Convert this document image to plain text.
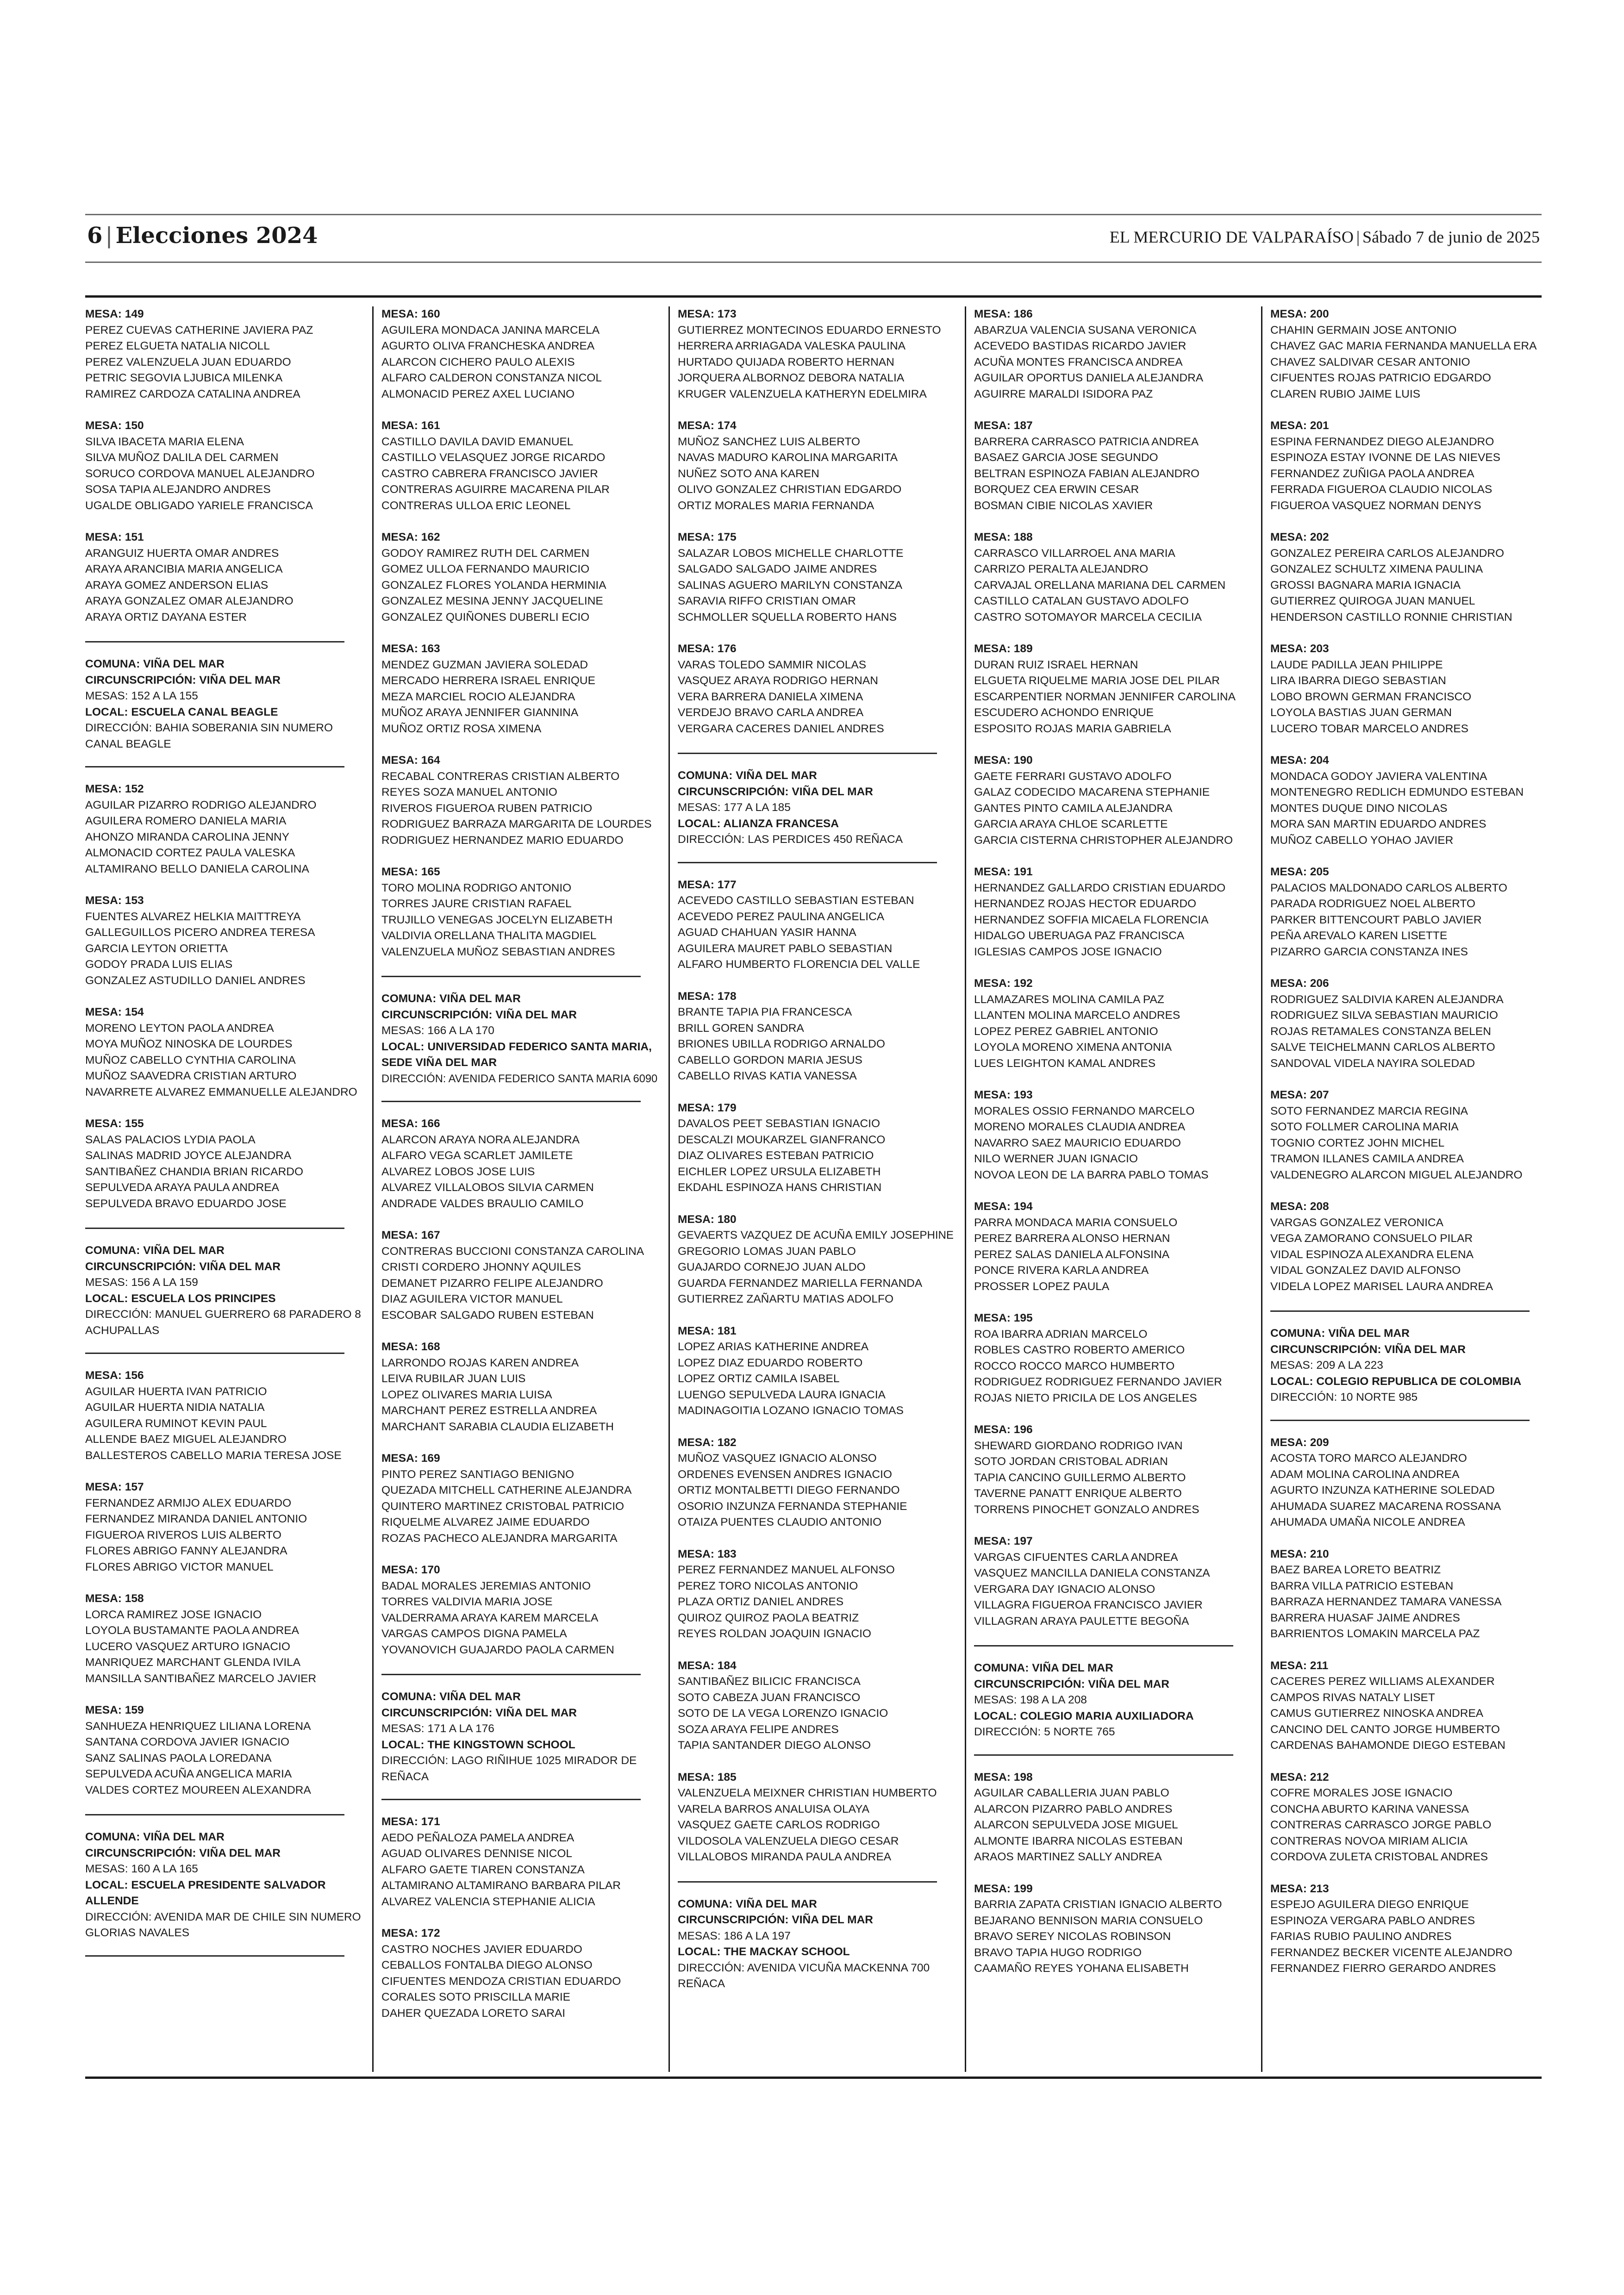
6 | Elecciones 2024	EL MERCURIO DE VALPARAÍSO | Sábado 7 de junio de 2025
MESA: 149
PEREZ CUEVAS CATHERINE JAVIERA PAZ
PEREZ ELGUETA NATALIA NICOLL
PEREZ VALENZUELA JUAN EDUARDO
PETRIC SEGOVIA LJUBICA MILENKA
RAMIREZ CARDOZA CATALINA ANDREA
MESA: 150
SILVA IBACETA MARIA ELENA
SILVA MUÑOZ DALILA DEL CARMEN
SORUCO CORDOVA MANUEL ALEJANDRO
SOSA TAPIA ALEJANDRO ANDRES
UGALDE OBLIGADO YARIELE FRANCISCA
MESA: 151
ARANGUIZ HUERTA OMAR ANDRES
ARAYA ARANCIBIA MARIA ANGELICA
ARAYA GOMEZ ANDERSON ELIAS
ARAYA GONZALEZ OMAR ALEJANDRO
ARAYA ORTIZ DAYANA ESTER
COMUNA: VIÑA DEL MAR
CIRCUNSCRIPCIÓN: VIÑA DEL MAR
MESAS: 152 A LA 155
LOCAL: ESCUELA CANAL BEAGLE
DIRECCIÓN: BAHIA SOBERANIA SIN NUMERO
CANAL BEAGLE
MESA: 152
AGUILAR PIZARRO RODRIGO ALEJANDRO
AGUILERA ROMERO DANIELA MARIA
AHONZO MIRANDA CAROLINA JENNY
ALMONACID CORTEZ PAULA VALESKA
ALTAMIRANO BELLO DANIELA CAROLINA
MESA: 153
FUENTES ALVAREZ HELKIA MAITTREYA
GALLEGUILLOS PICERO ANDREA TERESA
GARCIA LEYTON ORIETTA
GODOY PRADA LUIS ELIAS
GONZALEZ ASTUDILLO DANIEL ANDRES
MESA: 154
MORENO LEYTON PAOLA ANDREA
MOYA MUÑOZ NINOSKA DE LOURDES
MUÑOZ CABELLO CYNTHIA CAROLINA
MUÑOZ SAAVEDRA CRISTIAN ARTURO
NAVARRETE ALVAREZ EMMANUELLE ALEJANDRO
MESA: 155
SALAS PALACIOS LYDIA PAOLA
SALINAS MADRID JOYCE ALEJANDRA
SANTIBAÑEZ CHANDIA BRIAN RICARDO
SEPULVEDA ARAYA PAULA ANDREA
SEPULVEDA BRAVO EDUARDO JOSE
COMUNA: VIÑA DEL MAR
CIRCUNSCRIPCIÓN: VIÑA DEL MAR
MESAS: 156 A LA 159
LOCAL: ESCUELA LOS PRINCIPES
DIRECCIÓN: MANUEL GUERRERO 68 PARADERO 8
ACHUPALLAS
MESA: 156
AGUILAR HUERTA IVAN PATRICIO
AGUILAR HUERTA NIDIA NATALIA
AGUILERA RUMINOT KEVIN PAUL
ALLENDE BAEZ MIGUEL ALEJANDRO
BALLESTEROS CABELLO MARIA TERESA JOSE
MESA: 157
FERNANDEZ ARMIJO ALEX EDUARDO
FERNANDEZ MIRANDA DANIEL ANTONIO
FIGUEROA RIVEROS LUIS ALBERTO
FLORES ABRIGO FANNY ALEJANDRA
FLORES ABRIGO VICTOR MANUEL
MESA: 158
LORCA RAMIREZ JOSE IGNACIO
LOYOLA BUSTAMANTE PAOLA ANDREA
LUCERO VASQUEZ ARTURO IGNACIO
MANRIQUEZ MARCHANT GLENDA IVILA
MANSILLA SANTIBAÑEZ MARCELO JAVIER
MESA: 159
SANHUEZA HENRIQUEZ LILIANA LORENA
SANTANA CORDOVA JAVIER IGNACIO
SANZ SALINAS PAOLA LOREDANA
SEPULVEDA ACUÑA ANGELICA MARIA
VALDES CORTEZ MOUREEN ALEXANDRA
COMUNA: VIÑA DEL MAR
CIRCUNSCRIPCIÓN: VIÑA DEL MAR
MESAS: 160 A LA 165
LOCAL: ESCUELA PRESIDENTE SALVADOR ALLENDE
DIRECCIÓN: AVENIDA MAR DE CHILE SIN NUMERO
GLORIAS NAVALES
MESA: 160
AGUILERA MONDACA JANINA MARCELA
AGURTO OLIVA FRANCHESKA ANDREA
ALARCON CICHERO PAULO ALEXIS
ALFARO CALDERON CONSTANZA NICOL
ALMONACID PEREZ AXEL LUCIANO
MESA: 161
CASTILLO DAVILA DAVID EMANUEL
CASTILLO VELASQUEZ JORGE RICARDO
CASTRO CABRERA FRANCISCO JAVIER
CONTRERAS AGUIRRE MACARENA PILAR
CONTRERAS ULLOA ERIC LEONEL
MESA: 162
GODOY RAMIREZ RUTH DEL CARMEN
GOMEZ ULLOA FERNANDO MAURICIO
GONZALEZ FLORES YOLANDA HERMINIA
GONZALEZ MESINA JENNY JACQUELINE
GONZALEZ QUIÑONES DUBERLI ECIO
MESA: 163
MENDEZ GUZMAN JAVIERA SOLEDAD
MERCADO HERRERA ISRAEL ENRIQUE
MEZA MARCIEL ROCIO ALEJANDRA
MUÑOZ ARAYA JENNIFER GIANNINA
MUÑOZ ORTIZ ROSA XIMENA
MESA: 164
RECABAL CONTRERAS CRISTIAN ALBERTO
REYES SOZA MANUEL ANTONIO
RIVEROS FIGUEROA RUBEN PATRICIO
RODRIGUEZ BARRAZA MARGARITA DE LOURDES
RODRIGUEZ HERNANDEZ MARIO EDUARDO
MESA: 165
TORO MOLINA RODRIGO ANTONIO
TORRES JAURE CRISTIAN RAFAEL
TRUJILLO VENEGAS JOCELYN ELIZABETH
VALDIVIA ORELLANA THALITA MAGDIEL
VALENZUELA MUÑOZ SEBASTIAN ANDRES
COMUNA: VIÑA DEL MAR
CIRCUNSCRIPCIÓN: VIÑA DEL MAR
MESAS: 166 A LA 170
LOCAL: UNIVERSIDAD FEDERICO SANTA MARIA, SEDE VIÑA DEL MAR
DIRECCIÓN: AVENIDA FEDERICO SANTA MARIA 6090
MESA: 166
ALARCON ARAYA NORA ALEJANDRA
ALFARO VEGA SCARLET JAMILETE
ALVAREZ LOBOS JOSE LUIS
ALVAREZ VILLALOBOS SILVIA CARMEN
ANDRADE VALDES BRAULIO CAMILO
MESA: 167
CONTRERAS BUCCIONI CONSTANZA CAROLINA
CRISTI CORDERO JHONNY AQUILES
DEMANET PIZARRO FELIPE ALEJANDRO
DIAZ AGUILERA VICTOR MANUEL
ESCOBAR SALGADO RUBEN ESTEBAN
MESA: 168
LARRONDO ROJAS KAREN ANDREA
LEIVA RUBILAR JUAN LUIS
LOPEZ OLIVARES MARIA LUISA
MARCHANT PEREZ ESTRELLA ANDREA
MARCHANT SARABIA CLAUDIA ELIZABETH
MESA: 169
PINTO PEREZ SANTIAGO BENIGNO
QUEZADA MITCHELL CATHERINE ALEJANDRA
QUINTERO MARTINEZ CRISTOBAL PATRICIO
RIQUELME ALVAREZ JAIME EDUARDO
ROZAS PACHECO ALEJANDRA MARGARITA
MESA: 170
BADAL MORALES JEREMIAS ANTONIO
TORRES VALDIVIA MARIA JOSE
VALDERRAMA ARAYA KAREM MARCELA
VARGAS CAMPOS DIGNA PAMELA
YOVANOVICH GUAJARDO PAOLA CARMEN
COMUNA: VIÑA DEL MAR
CIRCUNSCRIPCIÓN: VIÑA DEL MAR
MESAS: 171 A LA 176
LOCAL: THE KINGSTOWN SCHOOL
DIRECCIÓN: LAGO RIÑIHUE 1025 MIRADOR DE
REÑACA
MESA: 171
AEDO PEÑALOZA PAMELA ANDREA
AGUAD OLIVARES DENNISE NICOL
ALFARO GAETE TIAREN CONSTANZA
ALTAMIRANO ALTAMIRANO BARBARA PILAR
ALVAREZ VALENCIA STEPHANIE ALICIA
MESA: 172
CASTRO NOCHES JAVIER EDUARDO
CEBALLOS FONTALBA DIEGO ALONSO
CIFUENTES MENDOZA CRISTIAN EDUARDO
CORALES SOTO PRISCILLA MARIE
DAHER QUEZADA LORETO SARAI
MESA: 173
GUTIERREZ MONTECINOS EDUARDO ERNESTO
HERRERA ARRIAGADA VALESKA PAULINA
HURTADO QUIJADA ROBERTO HERNAN
JORQUERA ALBORNOZ DEBORA NATALIA
KRUGER VALENZUELA KATHERYN EDELMIRA
MESA: 174
MUÑOZ SANCHEZ LUIS ALBERTO
NAVAS MADURO KAROLINA MARGARITA
NUÑEZ SOTO ANA KAREN
OLIVO GONZALEZ CHRISTIAN EDGARDO
ORTIZ MORALES MARIA FERNANDA
MESA: 175
SALAZAR LOBOS MICHELLE CHARLOTTE
SALGADO SALGADO JAIME ANDRES
SALINAS AGUERO MARILYN CONSTANZA
SARAVIA RIFFO CRISTIAN OMAR
SCHMOLLER SQUELLA ROBERTO HANS
MESA: 176
VARAS TOLEDO SAMMIR NICOLAS
VASQUEZ ARAYA RODRIGO HERNAN
VERA BARRERA DANIELA XIMENA
VERDEJO BRAVO CARLA ANDREA
VERGARA CACERES DANIEL ANDRES
COMUNA: VIÑA DEL MAR
CIRCUNSCRIPCIÓN: VIÑA DEL MAR
MESAS: 177 A LA 185
LOCAL: ALIANZA FRANCESA
DIRECCIÓN: LAS PERDICES 450 REÑACA
MESA: 177
ACEVEDO CASTILLO SEBASTIAN ESTEBAN
ACEVEDO PEREZ PAULINA ANGELICA
AGUAD CHAHUAN YASIR HANNA
AGUILERA MAURET PABLO SEBASTIAN
ALFARO HUMBERTO FLORENCIA DEL VALLE
MESA: 178
BRANTE TAPIA PIA FRANCESCA
BRILL GOREN SANDRA
BRIONES UBILLA RODRIGO ARNALDO
CABELLO GORDON MARIA JESUS
CABELLO RIVAS KATIA VANESSA
MESA: 179
DAVALOS PEET SEBASTIAN IGNACIO
DESCALZI MOUKARZEL GIANFRANCO
DIAZ OLIVARES ESTEBAN PATRICIO
EICHLER LOPEZ URSULA ELIZABETH
EKDAHL ESPINOZA HANS CHRISTIAN
MESA: 180
GEVAERTS VAZQUEZ DE ACUÑA EMILY JOSEPHINE
GREGORIO LOMAS JUAN PABLO
GUAJARDO CORNEJO JUAN ALDO
GUARDA FERNANDEZ MARIELLA FERNANDA
GUTIERREZ ZAÑARTU MATIAS ADOLFO
MESA: 181
LOPEZ ARIAS KATHERINE ANDREA
LOPEZ DIAZ EDUARDO ROBERTO
LOPEZ ORTIZ CAMILA ISABEL
LUENGO SEPULVEDA LAURA IGNACIA
MADINAGOITIA LOZANO IGNACIO TOMAS
MESA: 182
MUÑOZ VASQUEZ IGNACIO ALONSO
ORDENES EVENSEN ANDRES IGNACIO
ORTIZ MONTALBETTI DIEGO FERNANDO
OSORIO INZUNZA FERNANDA STEPHANIE
OTAIZA PUENTES CLAUDIO ANTONIO
MESA: 183
PEREZ FERNANDEZ MANUEL ALFONSO
PEREZ TORO NICOLAS ANTONIO
PLAZA ORTIZ DANIEL ANDRES
QUIROZ QUIROZ PAOLA BEATRIZ
REYES ROLDAN JOAQUIN IGNACIO
MESA: 184
SANTIBAÑEZ BILICIC FRANCISCA
SOTO CABEZA JUAN FRANCISCO
SOTO DE LA VEGA LORENZO IGNACIO
SOZA ARAYA FELIPE ANDRES
TAPIA SANTANDER DIEGO ALONSO
MESA: 185
VALENZUELA MEIXNER CHRISTIAN HUMBERTO
VARELA BARROS ANALUISA OLAYA
VASQUEZ GAETE CARLOS RODRIGO
VILDOSOLA VALENZUELA DIEGO CESAR
VILLALOBOS MIRANDA PAULA ANDREA
COMUNA: VIÑA DEL MAR
CIRCUNSCRIPCIÓN: VIÑA DEL MAR
MESAS: 186 A LA 197
LOCAL: THE MACKAY SCHOOL
DIRECCIÓN: AVENIDA VICUÑA MACKENNA 700
REÑACA
MESA: 186
ABARZUA VALENCIA SUSANA VERONICA
ACEVEDO BASTIDAS RICARDO JAVIER
ACUÑA MONTES FRANCISCA ANDREA
AGUILAR OPORTUS DANIELA ALEJANDRA
AGUIRRE MARALDI ISIDORA PAZ
MESA: 187
BARRERA CARRASCO PATRICIA ANDREA
BASAEZ GARCIA JOSE SEGUNDO
BELTRAN ESPINOZA FABIAN ALEJANDRO
BORQUEZ CEA ERWIN CESAR
BOSMAN CIBIE NICOLAS XAVIER
MESA: 188
CARRASCO VILLARROEL ANA MARIA
CARRIZO PERALTA ALEJANDRO
CARVAJAL ORELLANA MARIANA DEL CARMEN
CASTILLO CATALAN GUSTAVO ADOLFO
CASTRO SOTOMAYOR MARCELA CECILIA
MESA: 189
DURAN RUIZ ISRAEL HERNAN
ELGUETA RIQUELME MARIA JOSE DEL PILAR
ESCARPENTIER NORMAN JENNIFER CAROLINA
ESCUDERO ACHONDO ENRIQUE
ESPOSITO ROJAS MARIA GABRIELA
MESA: 190
GAETE FERRARI GUSTAVO ADOLFO
GALAZ CODECIDO MACARENA STEPHANIE
GANTES PINTO CAMILA ALEJANDRA
GARCIA ARAYA CHLOE SCARLETTE
GARCIA CISTERNA CHRISTOPHER ALEJANDRO
MESA: 191
HERNANDEZ GALLARDO CRISTIAN EDUARDO
HERNANDEZ ROJAS HECTOR EDUARDO
HERNANDEZ SOFFIA MICAELA FLORENCIA
HIDALGO UBERUAGA PAZ FRANCISCA
IGLESIAS CAMPOS JOSE IGNACIO
MESA: 192
LLAMAZARES MOLINA CAMILA PAZ
LLANTEN MOLINA MARCELO ANDRES
LOPEZ PEREZ GABRIEL ANTONIO
LOYOLA MORENO XIMENA ANTONIA
LUES LEIGHTON KAMAL ANDRES
MESA: 193
MORALES OSSIO FERNANDO MARCELO
MORENO MORALES CLAUDIA ANDREA
NAVARRO SAEZ MAURICIO EDUARDO
NILO WERNER JUAN IGNACIO
NOVOA LEON DE LA BARRA PABLO TOMAS
MESA: 194
PARRA MONDACA MARIA CONSUELO
PEREZ BARRERA ALONSO HERNAN
PEREZ SALAS DANIELA ALFONSINA
PONCE RIVERA KARLA ANDREA
PROSSER LOPEZ PAULA
MESA: 195
ROA IBARRA ADRIAN MARCELO
ROBLES CASTRO ROBERTO AMERICO
ROCCO ROCCO MARCO HUMBERTO
RODRIGUEZ RODRIGUEZ FERNANDO JAVIER
ROJAS NIETO PRICILA DE LOS ANGELES
MESA: 196
SHEWARD GIORDANO RODRIGO IVAN
SOTO JORDAN CRISTOBAL ADRIAN
TAPIA CANCINO GUILLERMO ALBERTO
TAVERNE PANATT ENRIQUE ALBERTO
TORRENS PINOCHET GONZALO ANDRES
MESA: 197
VARGAS CIFUENTES CARLA ANDREA
VASQUEZ MANCILLA DANIELA CONSTANZA
VERGARA DAY IGNACIO ALONSO
VILLAGRA FIGUEROA FRANCISCO JAVIER
VILLAGRAN ARAYA PAULETTE BEGOÑA
COMUNA: VIÑA DEL MAR
CIRCUNSCRIPCIÓN: VIÑA DEL MAR
MESAS: 198 A LA 208
LOCAL: COLEGIO MARIA AUXILIADORA
DIRECCIÓN: 5 NORTE 765
MESA: 198
AGUILAR CABALLERIA JUAN PABLO
ALARCON PIZARRO PABLO ANDRES
ALARCON SEPULVEDA JOSE MIGUEL
ALMONTE IBARRA NICOLAS ESTEBAN
ARAOS MARTINEZ SALLY ANDREA
MESA: 199
BARRIA ZAPATA CRISTIAN IGNACIO ALBERTO
BEJARANO BENNISON MARIA CONSUELO
BRAVO SEREY NICOLAS ROBINSON
BRAVO TAPIA HUGO RODRIGO
CAAMAÑO REYES YOHANA ELISABETH
MESA: 200
CHAHIN GERMAIN JOSE ANTONIO
CHAVEZ GAC MARIA FERNANDA MANUELLA ERA
CHAVEZ SALDIVAR CESAR ANTONIO
CIFUENTES ROJAS PATRICIO EDGARDO
CLAREN RUBIO JAIME LUIS
MESA: 201
ESPINA FERNANDEZ DIEGO ALEJANDRO
ESPINOZA ESTAY IVONNE DE LAS NIEVES
FERNANDEZ ZUÑIGA PAOLA ANDREA
FERRADA FIGUEROA CLAUDIO NICOLAS
FIGUEROA VASQUEZ NORMAN DENYS
MESA: 202
GONZALEZ PEREIRA CARLOS ALEJANDRO
GONZALEZ SCHULTZ XIMENA PAULINA
GROSSI BAGNARA MARIA IGNACIA
GUTIERREZ QUIROGA JUAN MANUEL
HENDERSON CASTILLO RONNIE CHRISTIAN
MESA: 203
LAUDE PADILLA JEAN PHILIPPE
LIRA IBARRA DIEGO SEBASTIAN
LOBO BROWN GERMAN FRANCISCO
LOYOLA BASTIAS JUAN GERMAN
LUCERO TOBAR MARCELO ANDRES
MESA: 204
MONDACA GODOY JAVIERA VALENTINA
MONTENEGRO REDLICH EDMUNDO ESTEBAN
MONTES DUQUE DINO NICOLAS
MORA SAN MARTIN EDUARDO ANDRES
MUÑOZ CABELLO YOHAO JAVIER
MESA: 205
PALACIOS MALDONADO CARLOS ALBERTO
PARADA RODRIGUEZ NOEL ALBERTO
PARKER BITTENCOURT PABLO JAVIER
PEÑA AREVALO KAREN LISETTE
PIZARRO GARCIA CONSTANZA INES
MESA: 206
RODRIGUEZ SALDIVIA KAREN ALEJANDRA
RODRIGUEZ SILVA SEBASTIAN MAURICIO
ROJAS RETAMALES CONSTANZA BELEN
SALVE TEICHELMANN CARLOS ALBERTO
SANDOVAL VIDELA NAYIRA SOLEDAD
MESA: 207
SOTO FERNANDEZ MARCIA REGINA
SOTO FOLLMER CAROLINA MARIA
TOGNIO CORTEZ JOHN MICHEL
TRAMON ILLANES CAMILA ANDREA
VALDENEGRO ALARCON MIGUEL ALEJANDRO
MESA: 208
VARGAS GONZALEZ VERONICA
VEGA ZAMORANO CONSUELO PILAR
VIDAL ESPINOZA ALEXANDRA ELENA
VIDAL GONZALEZ DAVID ALFONSO
VIDELA LOPEZ MARISEL LAURA ANDREA
COMUNA: VIÑA DEL MAR
CIRCUNSCRIPCIÓN: VIÑA DEL MAR
MESAS: 209 A LA 223
LOCAL: COLEGIO REPUBLICA DE COLOMBIA
DIRECCIÓN: 10 NORTE 985
MESA: 209
ACOSTA TORO MARCO ALEJANDRO
ADAM MOLINA CAROLINA ANDREA
AGURTO INZUNZA KATHERINE SOLEDAD
AHUMADA SUAREZ MACARENA ROSSANA
AHUMADA UMAÑA NICOLE ANDREA
MESA: 210
BAEZ BAREA LORETO BEATRIZ
BARRA VILLA PATRICIO ESTEBAN
BARRAZA HERNANDEZ TAMARA VANESSA
BARRERA HUASAF JAIME ANDRES
BARRIENTOS LOMAKIN MARCELA PAZ
MESA: 211
CACERES PEREZ WILLIAMS ALEXANDER
CAMPOS RIVAS NATALY LISET
CAMUS GUTIERREZ NINOSKA ANDREA
CANCINO DEL CANTO JORGE HUMBERTO
CARDENAS BAHAMONDE DIEGO ESTEBAN
MESA: 212
COFRE MORALES JOSE IGNACIO
CONCHA ABURTO KARINA VANESSA
CONTRERAS CARRASCO JORGE PABLO
CONTRERAS NOVOA MIRIAM ALICIA
CORDOVA ZULETA CRISTOBAL ANDRES
MESA: 213
ESPEJO AGUILERA DIEGO ENRIQUE
ESPINOZA VERGARA PABLO ANDRES
FARIAS RUBIO PAULINO ANDRES
FERNANDEZ BECKER VICENTE ALEJANDRO
FERNANDEZ FIERRO GERARDO ANDRES
